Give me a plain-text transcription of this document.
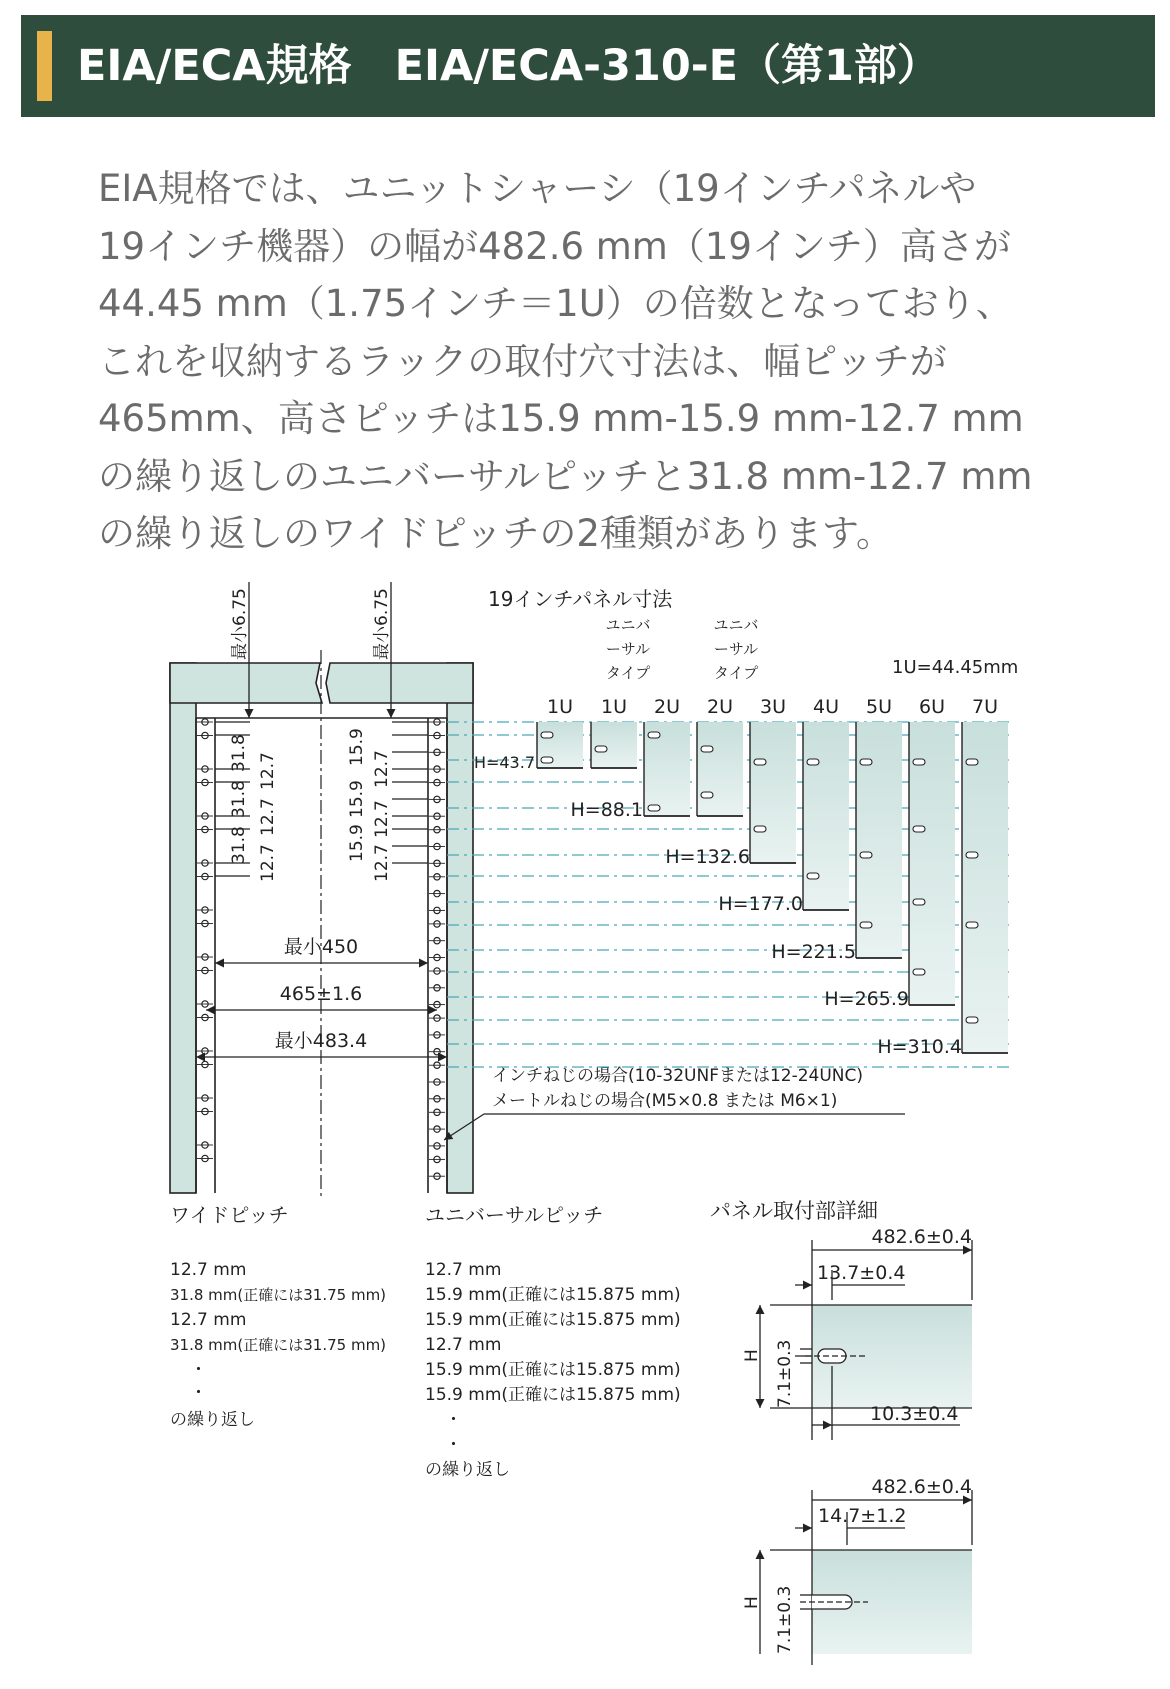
EIA/ECA規格　EIA/ECA-310-E（第1部）

EIA規格では、ユニットシャーシ（19インチパネルや
19インチ機器）の幅が482.6 mm（19インチ）高さが
44.45 mm（1.75インチ＝1U）の倍数となっており、
これを収納するラックの取付穴寸法は、幅ピッチが
465mm、高さピッチは15.9 mm-15.9 mm-12.7 mm
の繰り返しのユニバーサルピッチと31.8 mm-12.7 mm
の繰り返しのワイドピッチの2種類があります。

最小6.75	最小6.75
31.8 12.7
31.8 12.7
31.8 12.7
15.9
12.7
15.9
12.7
15.9
12.7
最小450
465±1.6
最小483.4
インチねじの場合(10-32UNFまたは12-24UNC)
メートルねじの場合(M5×0.8 または M6×1)
19インチパネル寸法
ユニバ
ーサル
タイプ
ユニバ
ーサル
タイプ	1U=44.45mm
1U 1U 2U 2U 3U 4U 5U 6U 7U
H=43.7
H=88.1
H=132.6
H=177.0
H=221.5
H=265.9
H=310.4
ワイドピッチ
12.7 mm
31.8 mm(正確には31.75 mm)
12.7 mm
31.8 mm(正確には31.75 mm)
・
・
の繰り返し
ユニバーサルピッチ
12.7 mm
15.9 mm(正確には15.875 mm)
15.9 mm(正確には15.875 mm)
12.7 mm
15.9 mm(正確には15.875 mm)
15.9 mm(正確には15.875 mm)
・
・
の繰り返し
パネル取付部詳細
482.6±0.4
13.7±0.4
10.3±0.4
H 7.1±0.3
482.6±0.4
14.7±1.2
H 7.1±0.3
